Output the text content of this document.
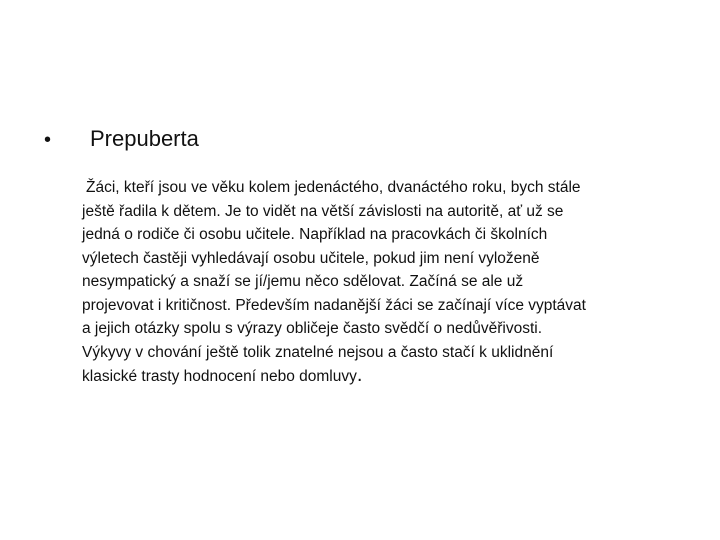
• Prepuberta
Žáci, kteří jsou ve věku kolem jedenáctého, dvanáctého roku, bych stále
ještě řadila k dětem. Je to vidět na větší závislosti na autoritě, ať už se
jedná o rodiče či osobu učitele. Například na pracovkách či školních
výletech častěji vyhledávají osobu učitele, pokud jim není vyloženě
nesympatický a snaží se jí/jemu něco sdělovat. Začíná se ale už
projevovat i kritičnost. Především nadanější žáci se začínají více vyptávat
a jejich otázky spolu s výrazy obličeje často svědčí o nedůvěřivosti.
Výkyvy v chování ještě tolik znatelné nejsou a často stačí k uklidnění
klasické trasty hodnocení nebo domluvy.
